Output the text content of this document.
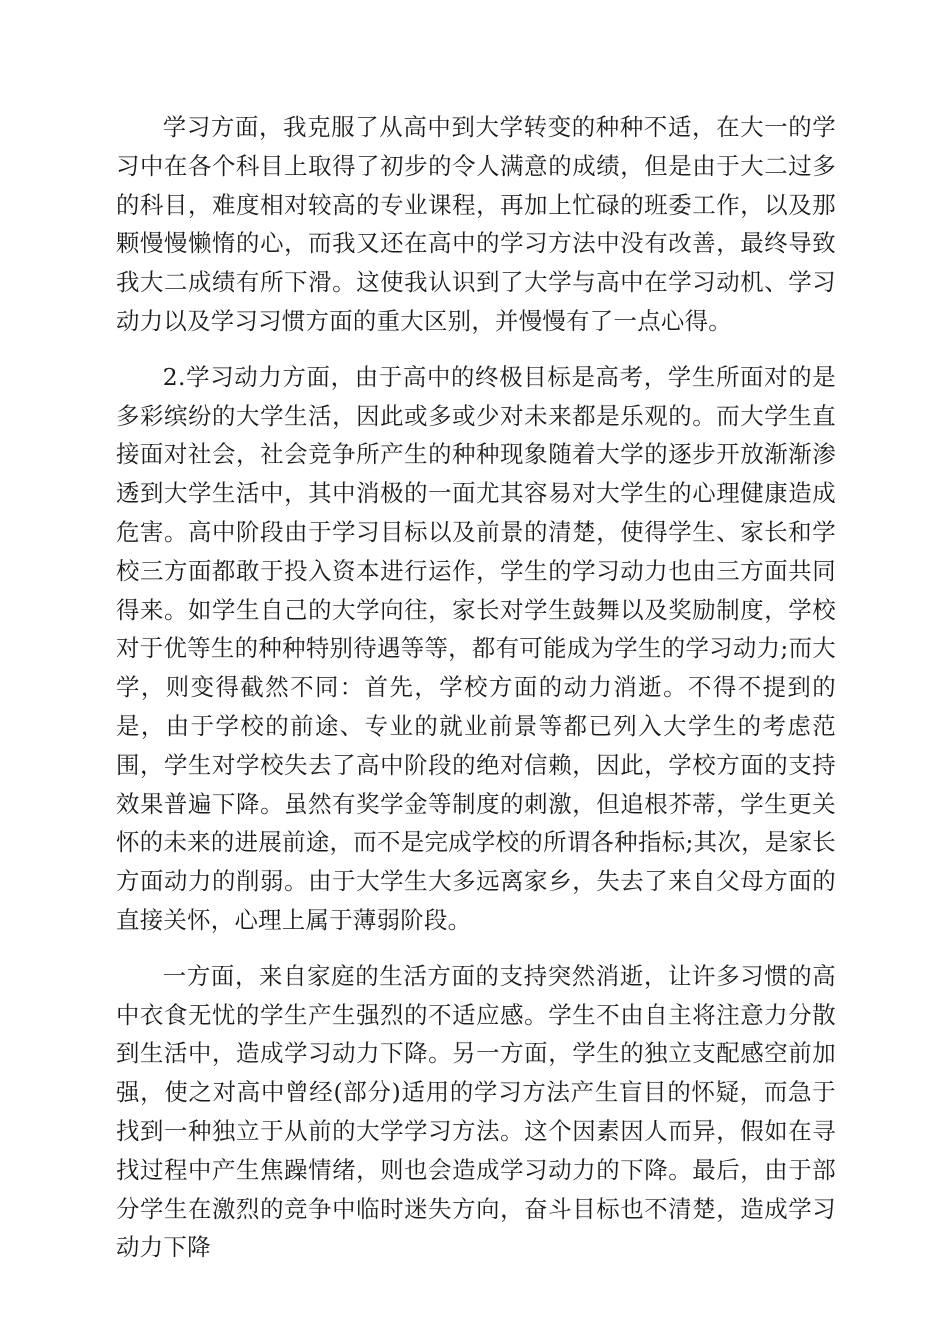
学习方面，我克服了从高中到大学转变的种种不适，在大一的学习中在各个科目上取得了初步的令人满意的成绩，但是由于大二过多的科目，难度相对较高的专业课程，再加上忙碌的班委工作，以及那颗慢慢懒惰的心，而我又还在高中的学习方法中没有改善，最终导致我大二成绩有所下滑。这使我认识到了大学与高中在学习动机、学习动力以及学习习惯方面的重大区别，并慢慢有了一点心得。

2.学习动力方面，由于高中的终极目标是高考，学生所面对的是多彩缤纷的大学生活，因此或多或少对未来都是乐观的。而大学生直接面对社会，社会竞争所产生的种种现象随着大学的逐步开放渐渐渗透到大学生活中，其中消极的一面尤其容易对大学生的心理健康造成危害。高中阶段由于学习目标以及前景的清楚，使得学生、家长和学校三方面都敢于投入资本进行运作，学生的学习动力也由三方面共同得来。如学生自己的大学向往，家长对学生鼓舞以及奖励制度，学校对于优等生的种种特别待遇等等，都有可能成为学生的学习动力;而大学，则变得截然不同：首先，学校方面的动力消逝。不得不提到的是，由于学校的前途、专业的就业前景等都已列入大学生的考虑范围，学生对学校失去了高中阶段的绝对信赖，因此，学校方面的支持效果普遍下降。虽然有奖学金等制度的刺激，但追根芥蒂，学生更关怀的未来的进展前途，而不是完成学校的所谓各种指标;其次，是家长方面动力的削弱。由于大学生大多远离家乡，失去了来自父母方面的直接关怀，心理上属于薄弱阶段。

一方面，来自家庭的生活方面的支持突然消逝，让许多习惯的高中衣食无忧的学生产生强烈的不适应感。学生不由自主将注意力分散到生活中，造成学习动力下降。另一方面，学生的独立支配感空前加强，使之对高中曾经(部分)适用的学习方法产生盲目的怀疑，而急于找到一种独立于从前的大学学习方法。这个因素因人而异，假如在寻找过程中产生焦躁情绪，则也会造成学习动力的下降。最后，由于部分学生在激烈的竞争中临时迷失方向，奋斗目标也不清楚，造成学习动力下降
